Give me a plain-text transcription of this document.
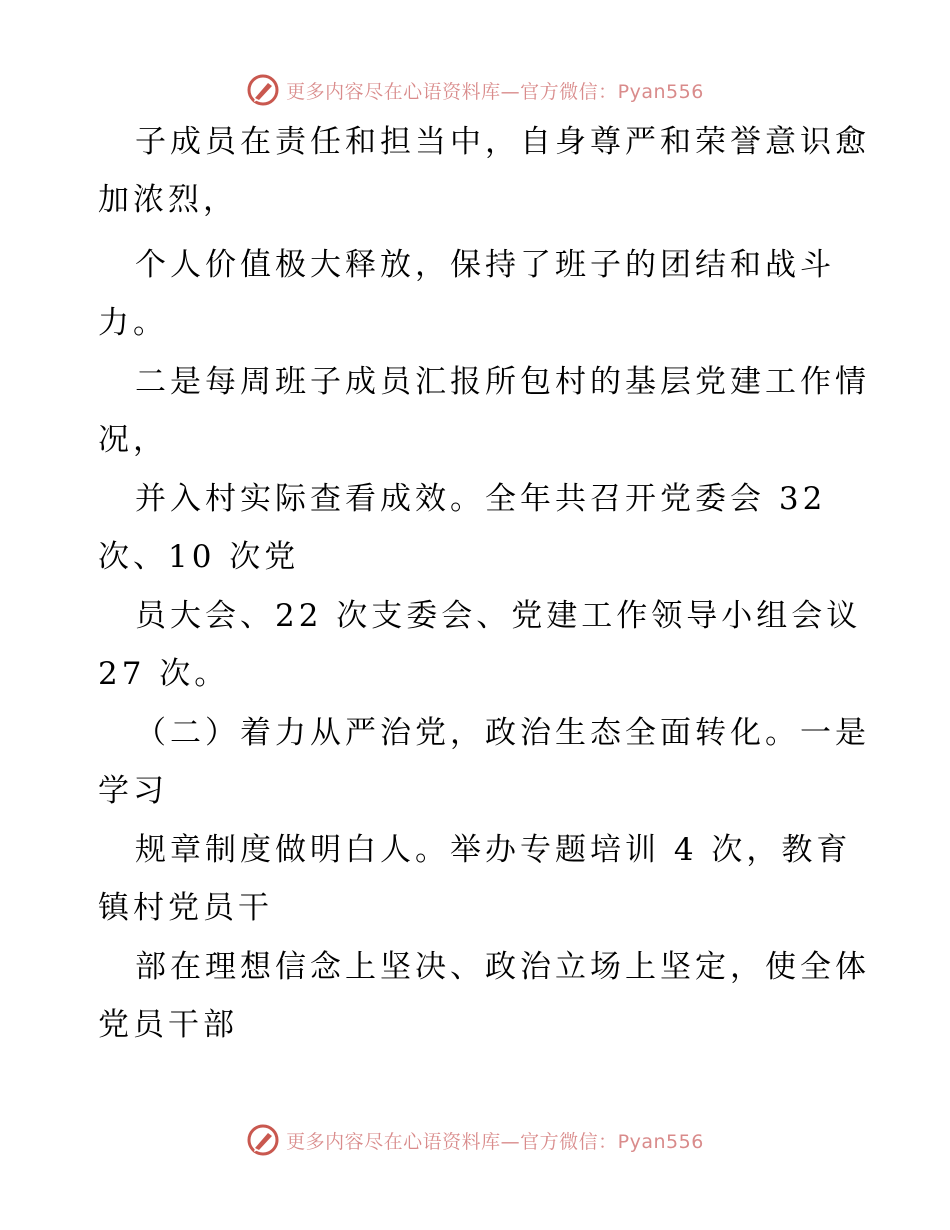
更多内容尽在心语资料库—官方微信：Pyan556
子成员在责任和担当中，自身尊严和荣誉意识愈
加浓烈，
个人价值极大释放，保持了班子的团结和战斗
力。
二是每周班子成员汇报所包村的基层党建工作情
况，
并入村实际查看成效。全年共召开党委会 32
次、10 次党
员大会、22 次支委会、党建工作领导小组会议
27 次。
（二）着力从严治党，政治生态全面转化。一是
学习
规章制度做明白人。举办专题培训 4 次，教育
镇村党员干
部在理想信念上坚决、政治立场上坚定，使全体
党员干部
更多内容尽在心语资料库—官方微信：Pyan556
